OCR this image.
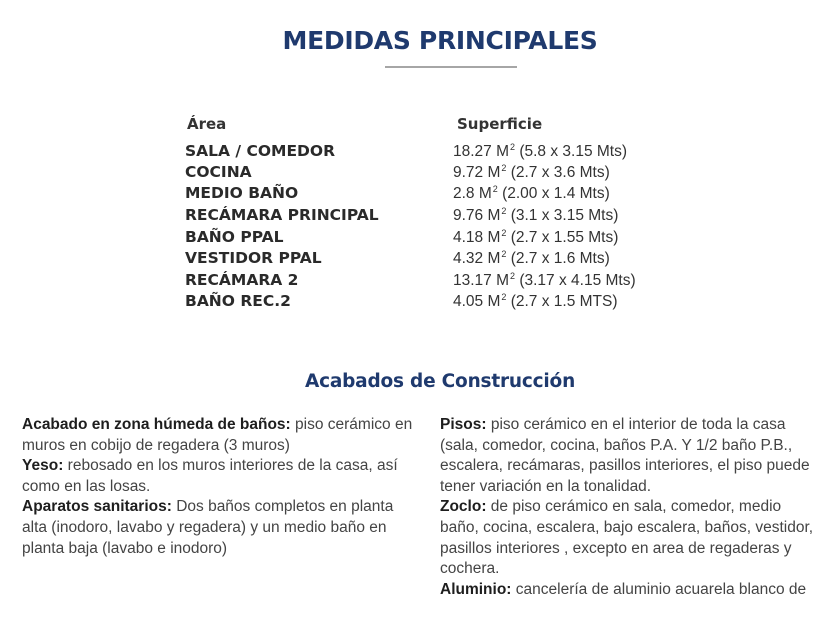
MEDIDAS PRINCIPALES
Área	Superficie
SALA / COMEDOR	18.27 $M^2$ (5.8 x 3.15 Mts)
COCINA	9.72 $M^2$ (2.7 x 3.6 Mts)
MEDIO BAÑO	2.8 $M^2$ (2.00 x 1.4 Mts)
RECÁMARA PRINCIPAL	9.76 $M^2$ (3.1 x 3.15 Mts)
BAÑO PPAL	4.18 $M^2$ (2.7 x 1.55 Mts)
VESTIDOR PPAL	4.32 $M^2$ (2.7 x 1.6 Mts)
RECÁMARA 2	13.17 $M^2$ (3.17 x 4.15 Mts)
BAÑO REC.2	4.05 $M^2$ (2.7 x 1.5 MTS)
Acabados de Construcción

Acabado en zona húmeda de baños: piso cerámico en muros en cobijo de regadera (3 muros)

Yeso: rebosado en los muros interiores de la casa, así como en las losas.

Aparatos sanitarios: Dos baños completos en planta alta (inodoro, lavabo y regadera) y un medio baño en planta baja (lavabo e inodoro)

Pisos: piso cerámico en el interior de toda la casa
(sala, comedor, cocina, baños P.A. Y 1/2 baño P.B.,
escalera, recámaras, pasillos interiores, el piso puede
tener variación en la tonalidad.
Zoclo: de piso cerámico en sala, comedor, medio
baño, cocina, escalera, bajo escalera, baños, vestidor,
pasillos interiores , excepto en area de regaderas y
cochera.
Aluminio: cancelería de aluminio acuarela blanco de
